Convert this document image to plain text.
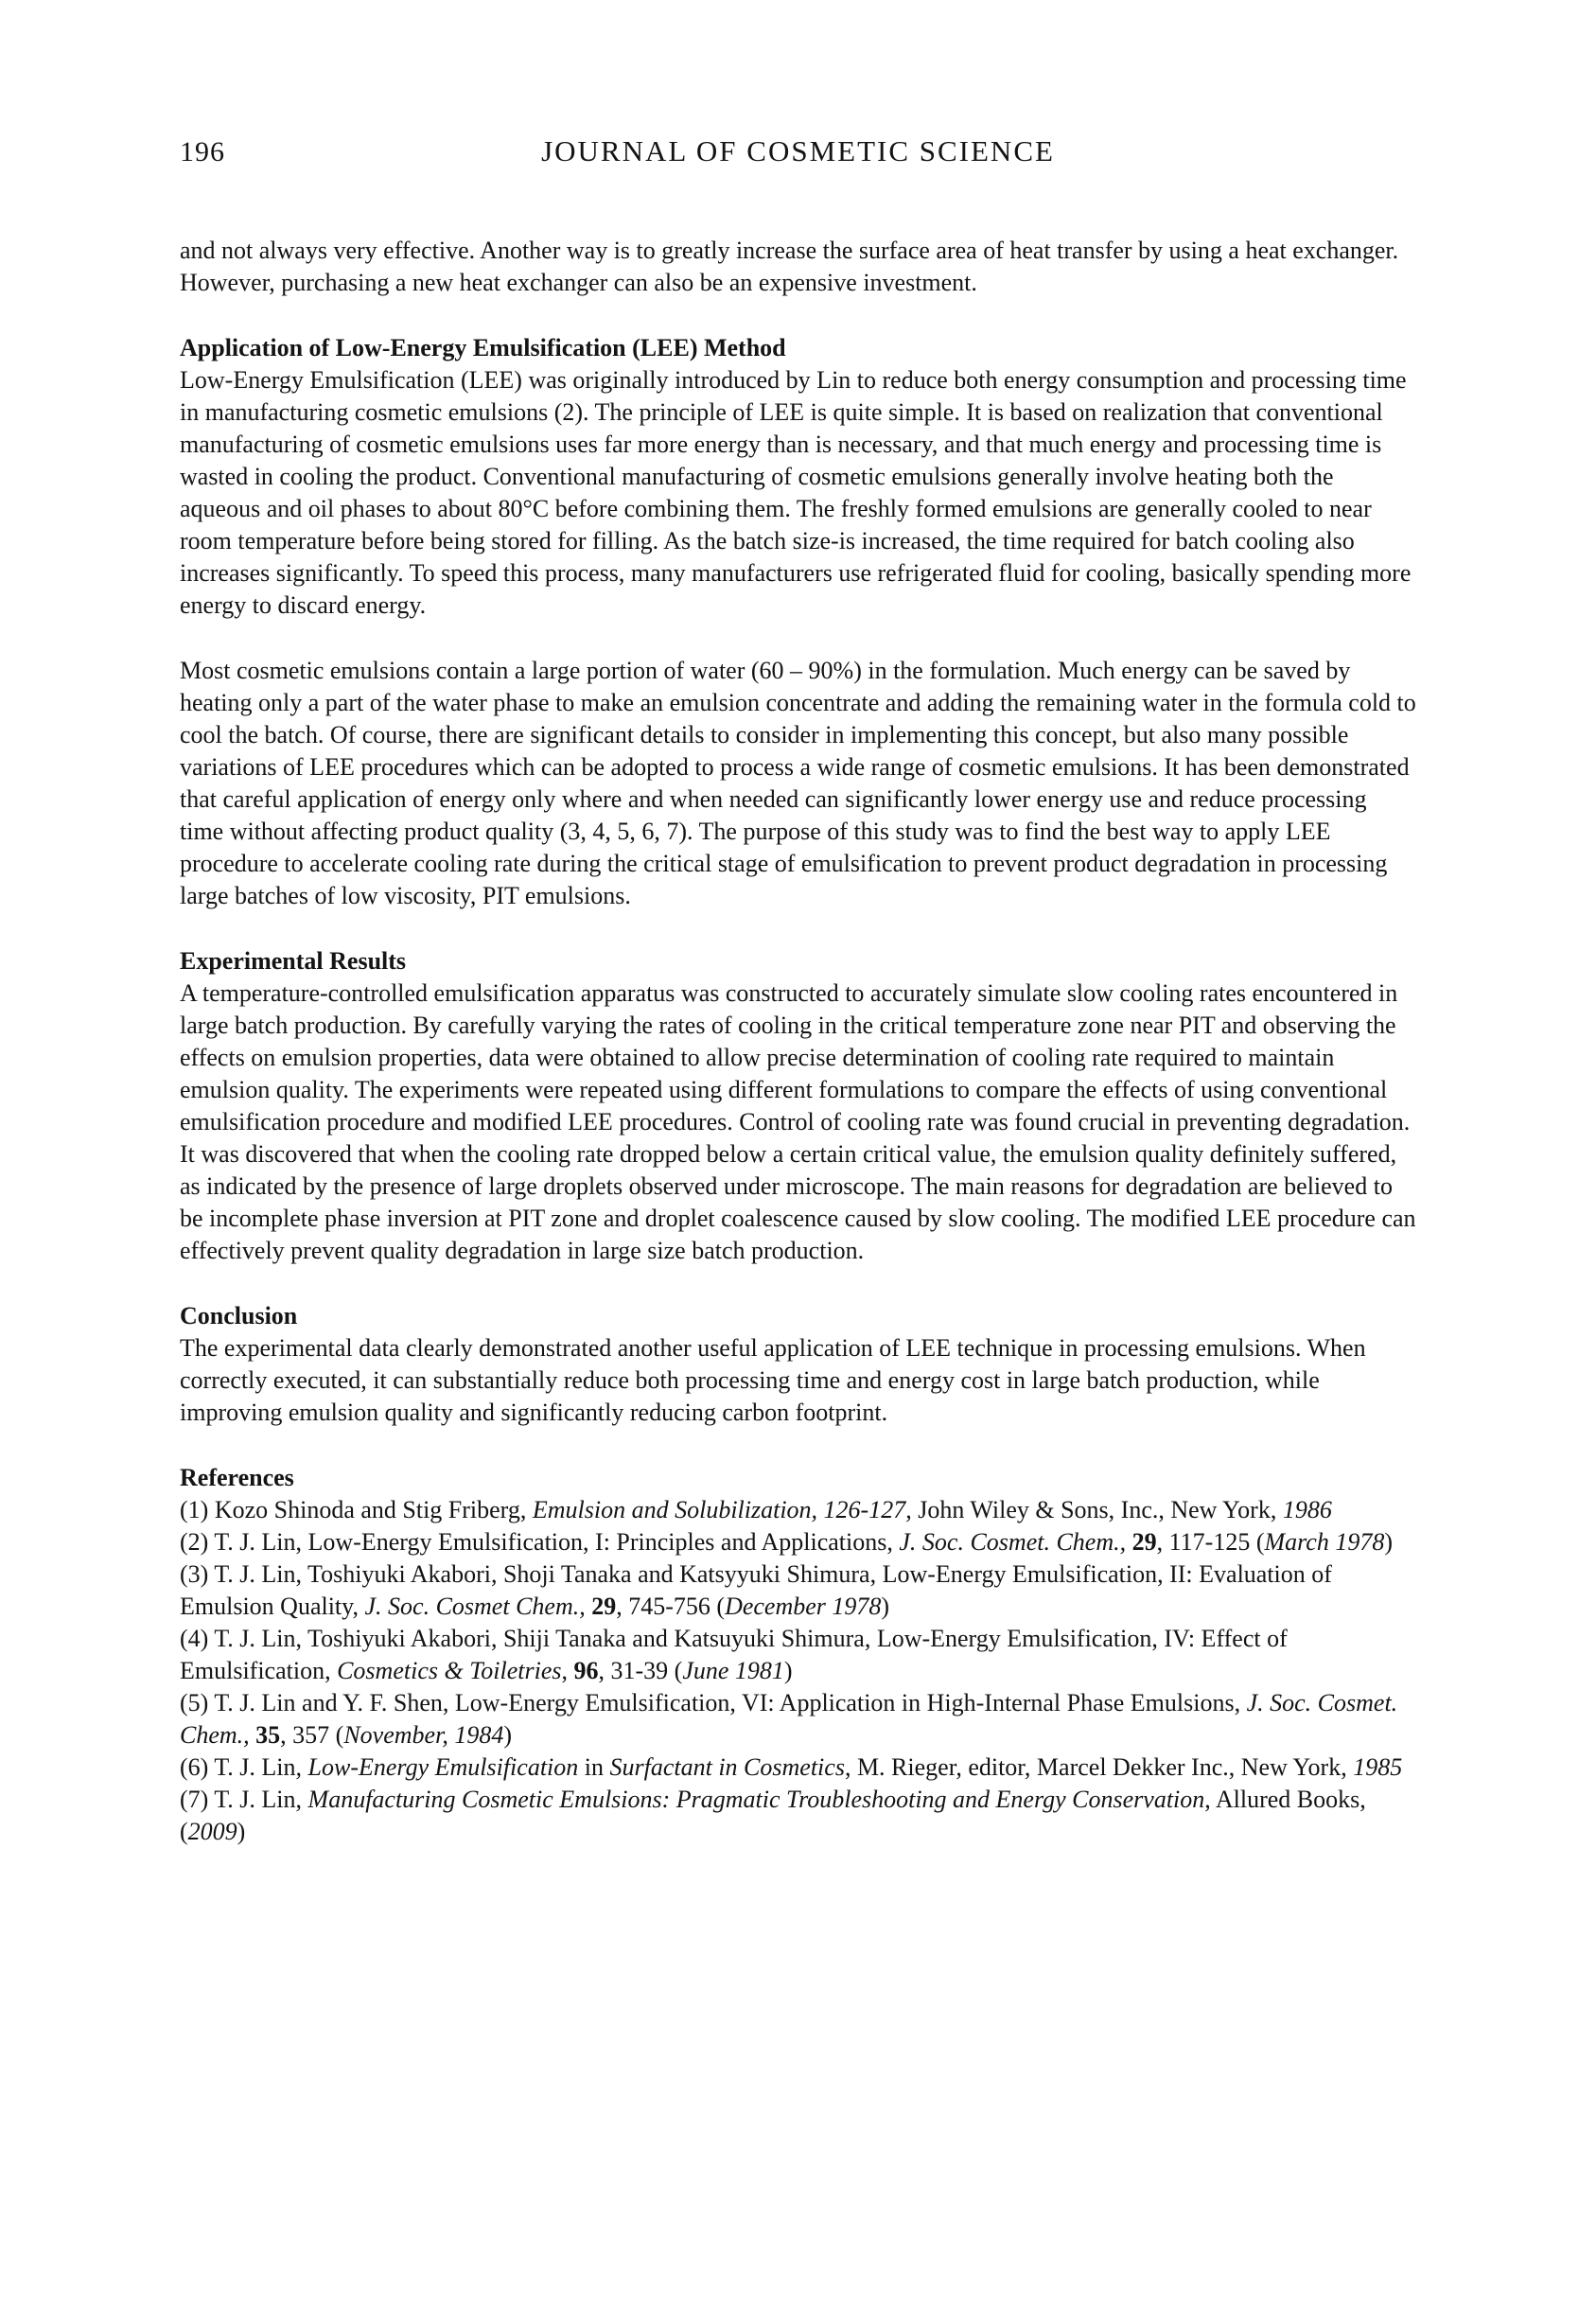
196	JOURNAL OF COSMETIC SCIENCE

and not always very effective. Another way is to greatly increase the surface area of heat transfer by using a heat exchanger. However, purchasing a new heat exchanger can also be an expensive investment.

Application of Low-Energy Emulsification (LEE) Method

Low-Energy Emulsification (LEE) was originally introduced by Lin to reduce both energy consumption and processing time in manufacturing cosmetic emulsions (2). The principle of LEE is quite simple. It is based on realization that conventional manufacturing of cosmetic emulsions uses far more energy than is necessary, and that much energy and processing time is wasted in cooling the product. Conventional manufacturing of cosmetic emulsions generally involve heating both the aqueous and oil phases to about 80°C before combining them. The freshly formed emulsions are generally cooled to near room temperature before being stored for filling. As the batch size-is increased, the time required for batch cooling also increases significantly. To speed this process, many manufacturers use refrigerated fluid for cooling, basically spending more energy to discard energy.

Most cosmetic emulsions contain a large portion of water (60 – 90%) in the formulation. Much energy can be saved by heating only a part of the water phase to make an emulsion concentrate and adding the remaining water in the formula cold to cool the batch. Of course, there are significant details to consider in implementing this concept, but also many possible variations of LEE procedures which can be adopted to process a wide range of cosmetic emulsions. It has been demonstrated that careful application of energy only where and when needed can significantly lower energy use and reduce processing time without affecting product quality (3, 4, 5, 6, 7). The purpose of this study was to find the best way to apply LEE procedure to accelerate cooling rate during the critical stage of emulsification to prevent product degradation in processing large batches of low viscosity, PIT emulsions.

Experimental Results

A temperature-controlled emulsification apparatus was constructed to accurately simulate slow cooling rates encountered in large batch production. By carefully varying the rates of cooling in the critical temperature zone near PIT and observing the effects on emulsion properties, data were obtained to allow precise determination of cooling rate required to maintain emulsion quality. The experiments were repeated using different formulations to compare the effects of using conventional emulsification procedure and modified LEE procedures. Control of cooling rate was found crucial in preventing degradation. It was discovered that when the cooling rate dropped below a certain critical value, the emulsion quality definitely suffered, as indicated by the presence of large droplets observed under microscope. The main reasons for degradation are believed to be incomplete phase inversion at PIT zone and droplet coalescence caused by slow cooling. The modified LEE procedure can effectively prevent quality degradation in large size batch production.

Conclusion

The experimental data clearly demonstrated another useful application of LEE technique in processing emulsions. When correctly executed, it can substantially reduce both processing time and energy cost in large batch production, while improving emulsion quality and significantly reducing carbon footprint.

References

(1) Kozo Shinoda and Stig Friberg, Emulsion and Solubilization, 126-127, John Wiley & Sons, Inc., New York, 1986

(2) T. J. Lin, Low-Energy Emulsification, I: Principles and Applications, J. Soc. Cosmet. Chem., 29, 117-125 (March 1978)

(3) T. J. Lin, Toshiyuki Akabori, Shoji Tanaka and Katsyyuki Shimura, Low-Energy Emulsification, II: Evaluation of Emulsion Quality, J. Soc. Cosmet Chem., 29, 745-756 (December 1978)

(4) T. J. Lin, Toshiyuki Akabori, Shiji Tanaka and Katsuyuki Shimura, Low-Energy Emulsification, IV: Effect of Emulsification, Cosmetics & Toiletries, 96, 31-39 (June 1981)

(5) T. J. Lin and Y. F. Shen, Low-Energy Emulsification, VI: Application in High-Internal Phase Emulsions, J. Soc. Cosmet. Chem., 35, 357 (November, 1984)

(6) T. J. Lin, Low-Energy Emulsification in Surfactant in Cosmetics, M. Rieger, editor, Marcel Dekker Inc., New York, 1985

(7) T. J. Lin, Manufacturing Cosmetic Emulsions: Pragmatic Troubleshooting and Energy Conservation, Allured Books, (2009)
